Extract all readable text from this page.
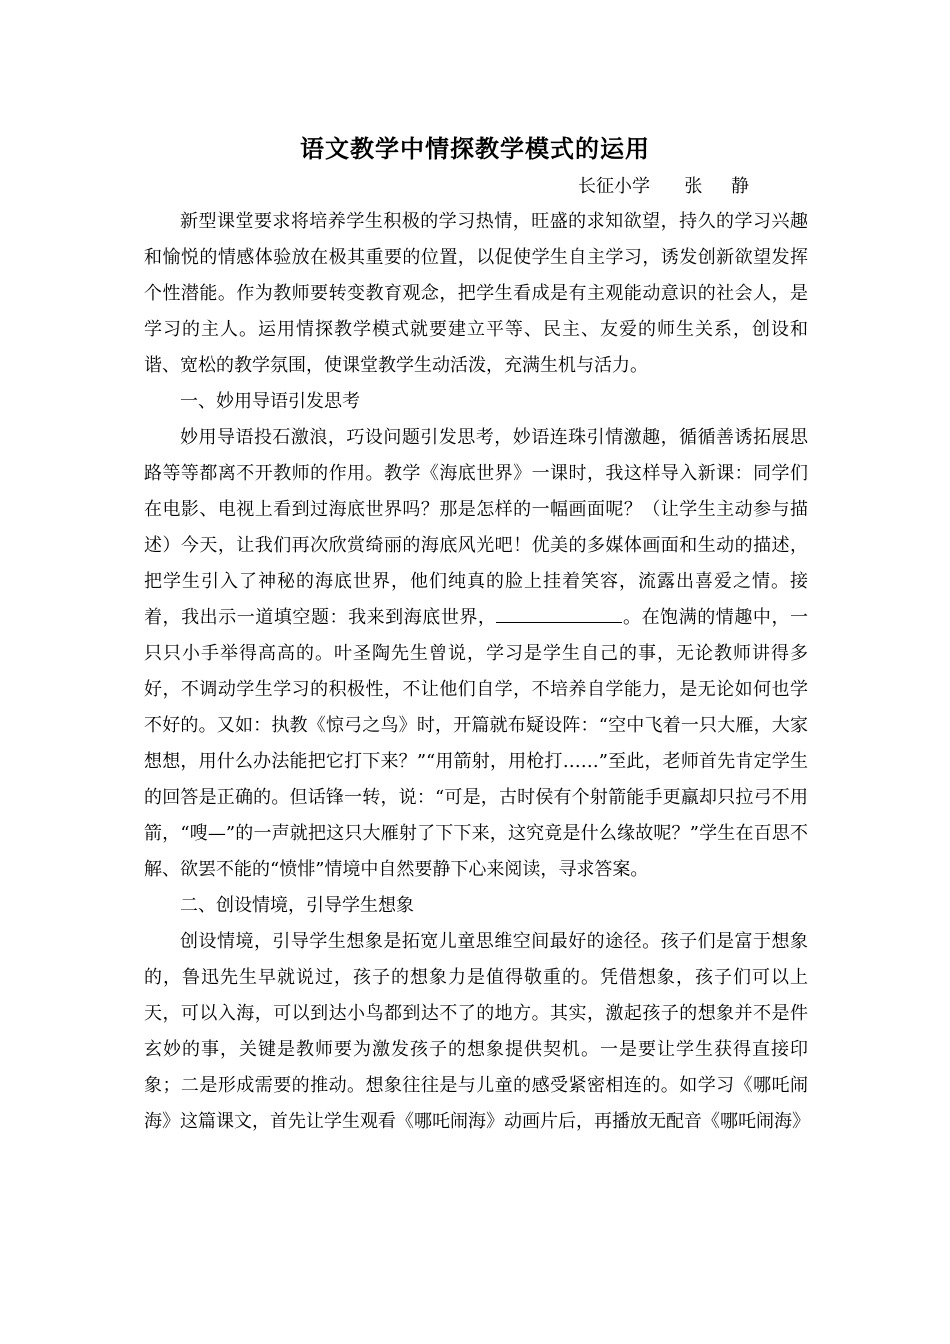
语文教学中情探教学模式的运用
长征小学      张     静

新型课堂要求将培养学生积极的学习热情，旺盛的求知欲望，持久的学习兴趣和愉悦的情感体验放在极其重要的位置，以促使学生自主学习，诱发创新欲望发挥个性潜能。作为教师要转变教育观念，把学生看成是有主观能动意识的社会人，是学习的主人。运用情探教学模式就要建立平等、民主、友爱的师生关系，创设和谐、宽松的教学氛围，使课堂教学生动活泼，充满生机与活力。

一、妙用导语引发思考

妙用导语投石激浪，巧设问题引发思考，妙语连珠引情激趣，循循善诱拓展思路等等都离不开教师的作用。教学《海底世界》一课时，我这样导入新课：同学们在电影、电视上看到过海底世界吗？那是怎样的一幅画面呢？（让学生主动参与描述）今天，让我们再次欣赏绮丽的海底风光吧！优美的多媒体画面和生动的描述，把学生引入了神秘的海底世界，他们纯真的脸上挂着笑容，流露出喜爱之情。接着，我出示一道填空题：我来到海底世界，	。在饱满的情趣中，一只只小手举得高高的。叶圣陶先生曾说，学习是学生自己的事，无论教师讲得多好，不调动学生学习的积极性，不让他们自学，不培养自学能力，是无论如何也学不好的。又如：执教《惊弓之鸟》时，开篇就布疑设阵：“空中飞着一只大雁，大家想想，用什么办法能把它打下来？”“用箭射，用枪打……”至此，老师首先肯定学生的回答是正确的。但话锋一转，说：“可是，古时侯有个射箭能手更羸却只拉弓不用箭，“嗖—”的一声就把这只大雁射了下下来，这究竟是什么缘故呢？”学生在百思不解、欲罢不能的“愤悱”情境中自然要静下心来阅读，寻求答案。

二、创设情境，引导学生想象

创设情境，引导学生想象是拓宽儿童思维空间最好的途径。孩子们是富于想象的，鲁迅先生早就说过，孩子的想象力是值得敬重的。凭借想象，孩子们可以上天，可以入海，可以到达小鸟都到达不了的地方。其实，激起孩子的想象并不是件玄妙的事，关键是教师要为激发孩子的想象提供契机。一是要让学生获得直接印象；二是形成需要的推动。想象往往是与儿童的感受紧密相连的。如学习《哪吒闹海》这篇课文，首先让学生观看《哪吒闹海》动画片后，再播放无配音《哪吒闹海》
